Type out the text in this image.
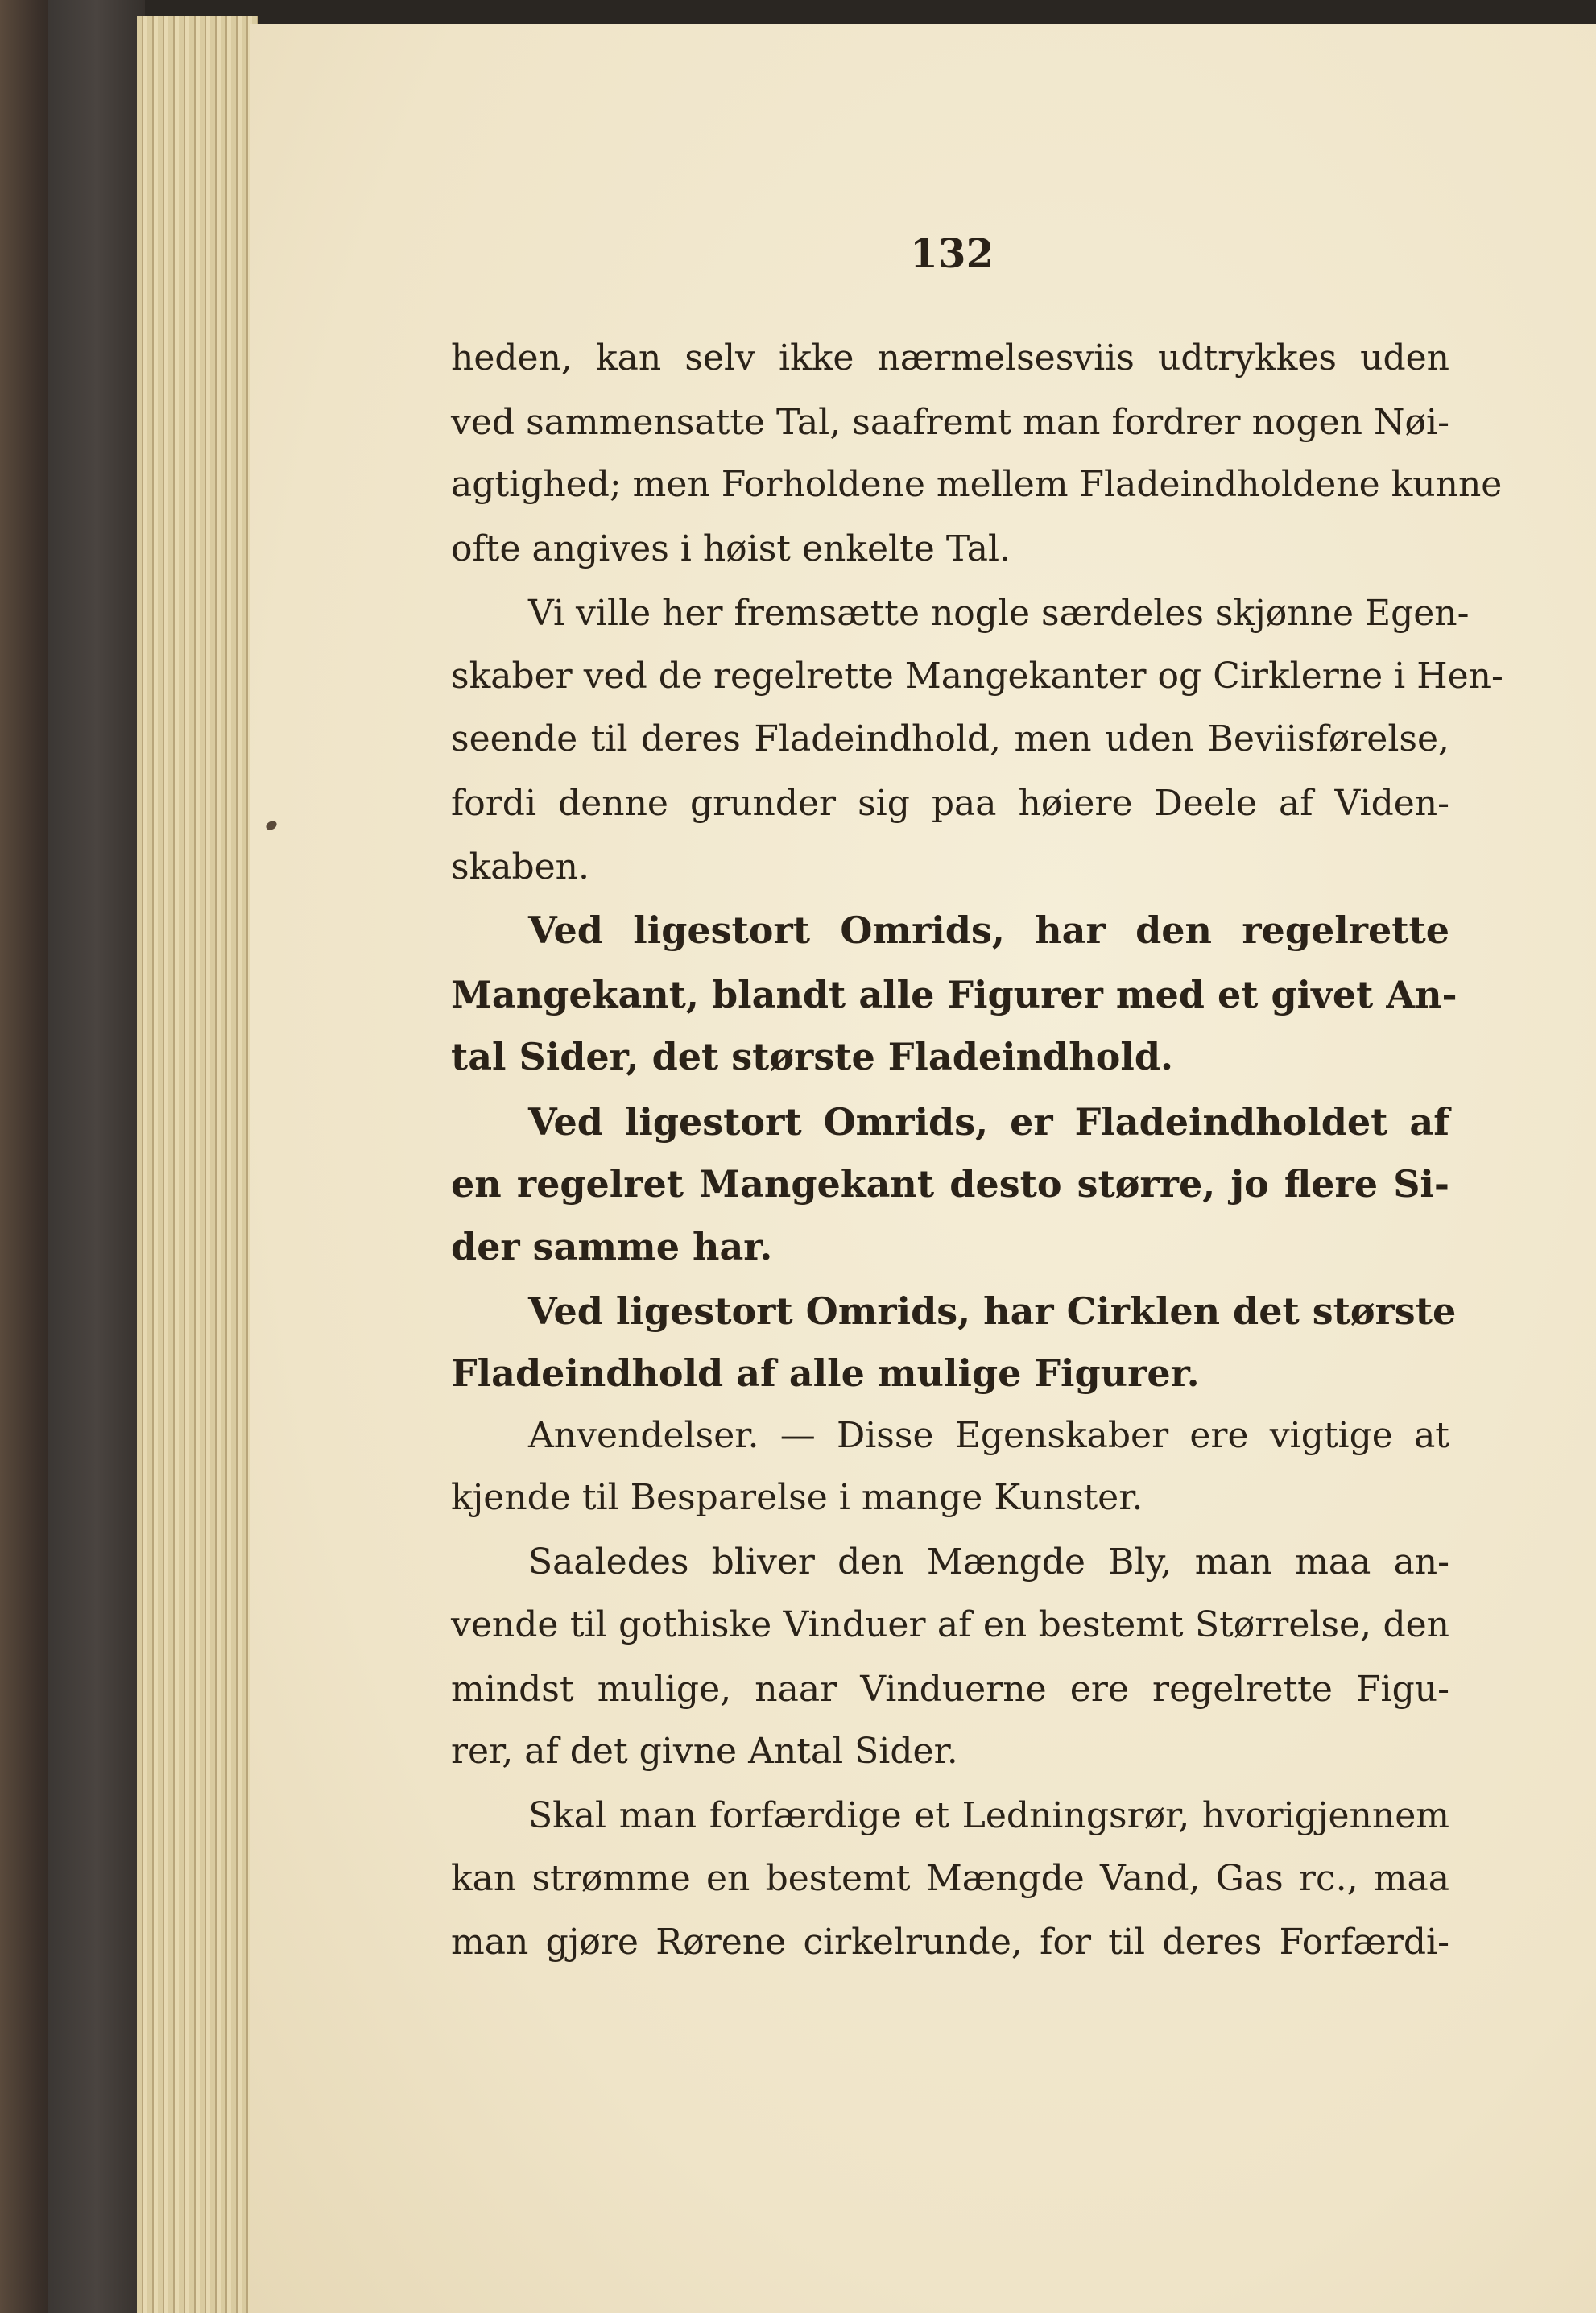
132
heden, kan selv ikke nærmelsesviis udtrykkes uden
ved sammensatte Tal, saafremt man fordrer nogen Nøi-
agtighed; men Forholdene mellem Fladeindholdene kunne
ofte angives i høist enkelte Tal.
Vi ville her fremsætte nogle særdeles skjønne Egen-
skaber ved de regelrette Mangekanter og Cirklerne i Hen-
seende til deres Fladeindhold, men uden Beviisførelse,
fordi denne grunder sig paa høiere Deele af Viden-
skaben.
Ved ligestort Omrids, har den regelrette
Mangekant, blandt alle Figurer med et givet An-
tal Sider, det største Fladeindhold.
Ved ligestort Omrids, er Fladeindholdet af
en regelret Mangekant desto større, jo flere Si-
der samme har.
Ved ligestort Omrids, har Cirklen det største
Fladeindhold af alle mulige Figurer.
Anvendelser. — Disse Egenskaber ere vigtige at
kjende til Besparelse i mange Kunster.
Saaledes bliver den Mængde Bly, man maa an-
vende til gothiske Vinduer af en bestemt Størrelse, den
mindst mulige, naar Vinduerne ere regelrette Figu-
rer, af det givne Antal Sider.
Skal man forfærdige et Ledningsrør, hvorigjennem
kan strømme en bestemt Mængde Vand, Gas rc., maa
man gjøre Rørene cirkelrunde, for til deres Forfærdi-
